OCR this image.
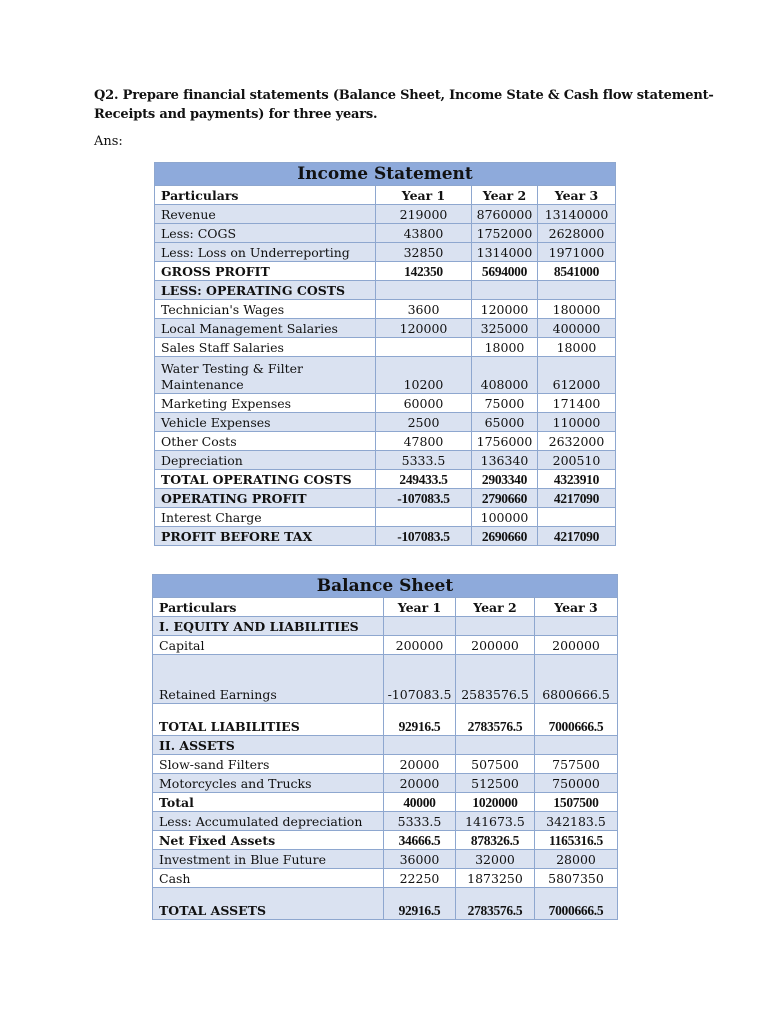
Q2. Prepare financial statements (Balance Sheet, Income State & Cash flow statement- Receipts and payments) for three years.
Ans:
Income Statement			
Particulars	Year 1	Year 2	Year 3
Revenue	219000	8760000	13140000
Less: COGS	43800	1752000	2628000
Less: Loss on Underreporting	32850	1314000	1971000
GROSS PROFIT	142350	5694000	8541000
LESS: OPERATING COSTS			
Technician's Wages	3600	120000	180000
Local Management Salaries	120000	325000	400000
Sales Staff Salaries		18000	18000
Water Testing & Filter Maintenance	10200	408000	612000
Marketing Expenses	60000	75000	171400
Vehicle Expenses	2500	65000	110000
Other Costs	47800	1756000	2632000
Depreciation	5333.5	136340	200510
TOTAL OPERATING COSTS	249433.5	2903340	4323910
OPERATING PROFIT	-107083.5	2790660	4217090
Interest Charge		100000	
PROFIT BEFORE TAX	-107083.5	2690660	4217090
Balance Sheet			
Particulars	Year 1	Year 2	Year 3
I. EQUITY AND LIABILITIES			
Capital	200000	200000	200000
Retained Earnings	-107083.5	2583576.5	6800666.5
TOTAL LIABILITIES	92916.5	2783576.5	7000666.5
II. ASSETS			
Slow-sand Filters	20000	507500	757500
Motorcycles and Trucks	20000	512500	750000
Total	40000	1020000	1507500
Less: Accumulated depreciation	5333.5	141673.5	342183.5
Net Fixed Assets	34666.5	878326.5	1165316.5
Investment in Blue Future	36000	32000	28000
Cash	22250	1873250	5807350
TOTAL ASSETS	92916.5	2783576.5	7000666.5
